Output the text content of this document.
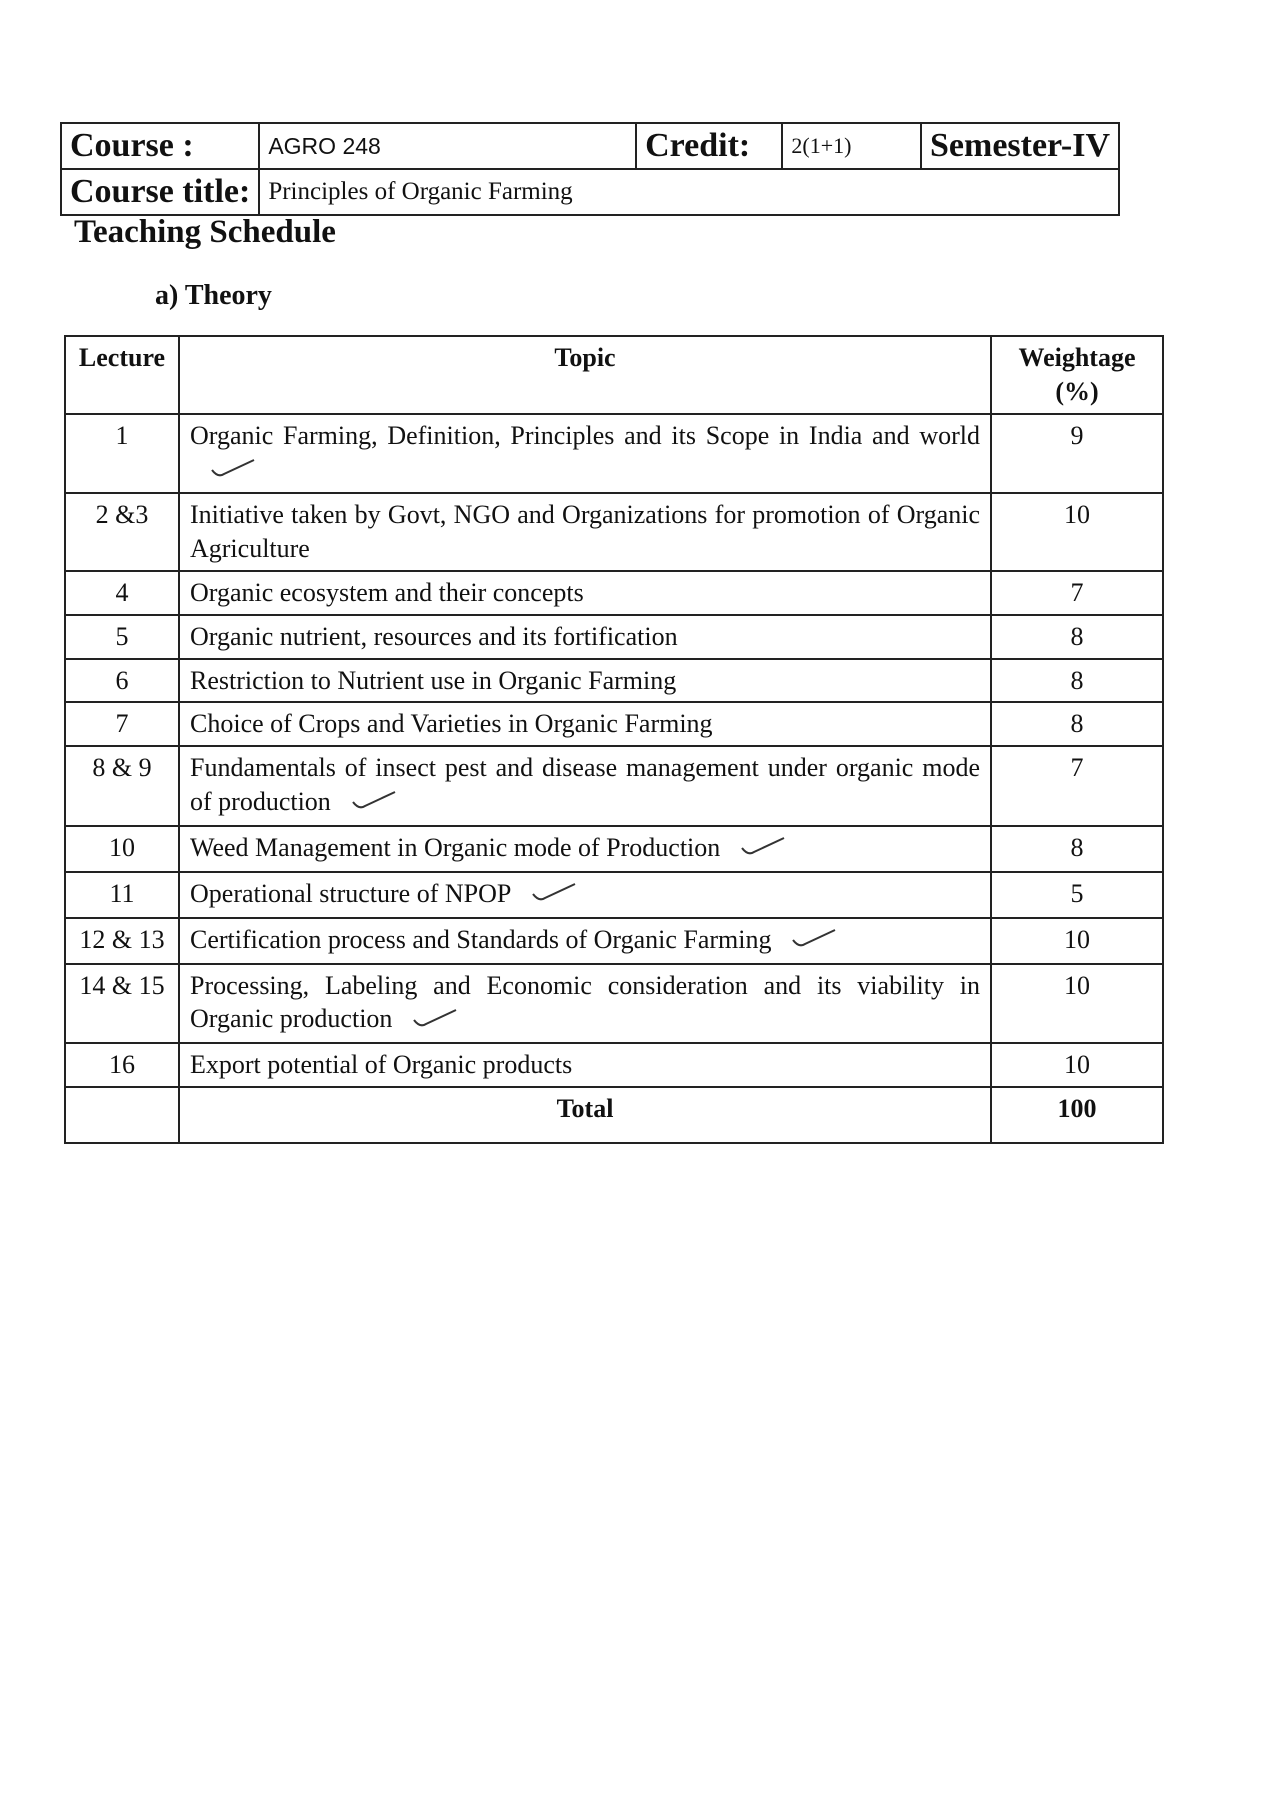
Course :	AGRO 248	Credit:	2(1+1)	Semester-IV
Course title:	Principles of Organic Farming			
Teaching Schedule
a) Theory
Lecture	Topic	Weightage (%)
1	Organic Farming, Definition, Principles and its Scope in India and world	9
2 &3	Initiative taken by Govt, NGO and Organizations for promotion of Organic Agriculture	10
4	Organic ecosystem and their concepts	7
5	Organic nutrient, resources and its fortification	8
6	Restriction to Nutrient use in Organic Farming	8
7	Choice of Crops and Varieties in Organic Farming	8
8 & 9	Fundamentals of insect pest and disease management under organic mode of production	7
10	Weed Management in Organic mode of Production	8
11	Operational structure of NPOP	5
12 & 13	Certification process and Standards of Organic Farming	10
14 & 15	Processing, Labeling and Economic consideration and its viability in Organic production	10
16	Export potential of Organic products	10
	Total	100
